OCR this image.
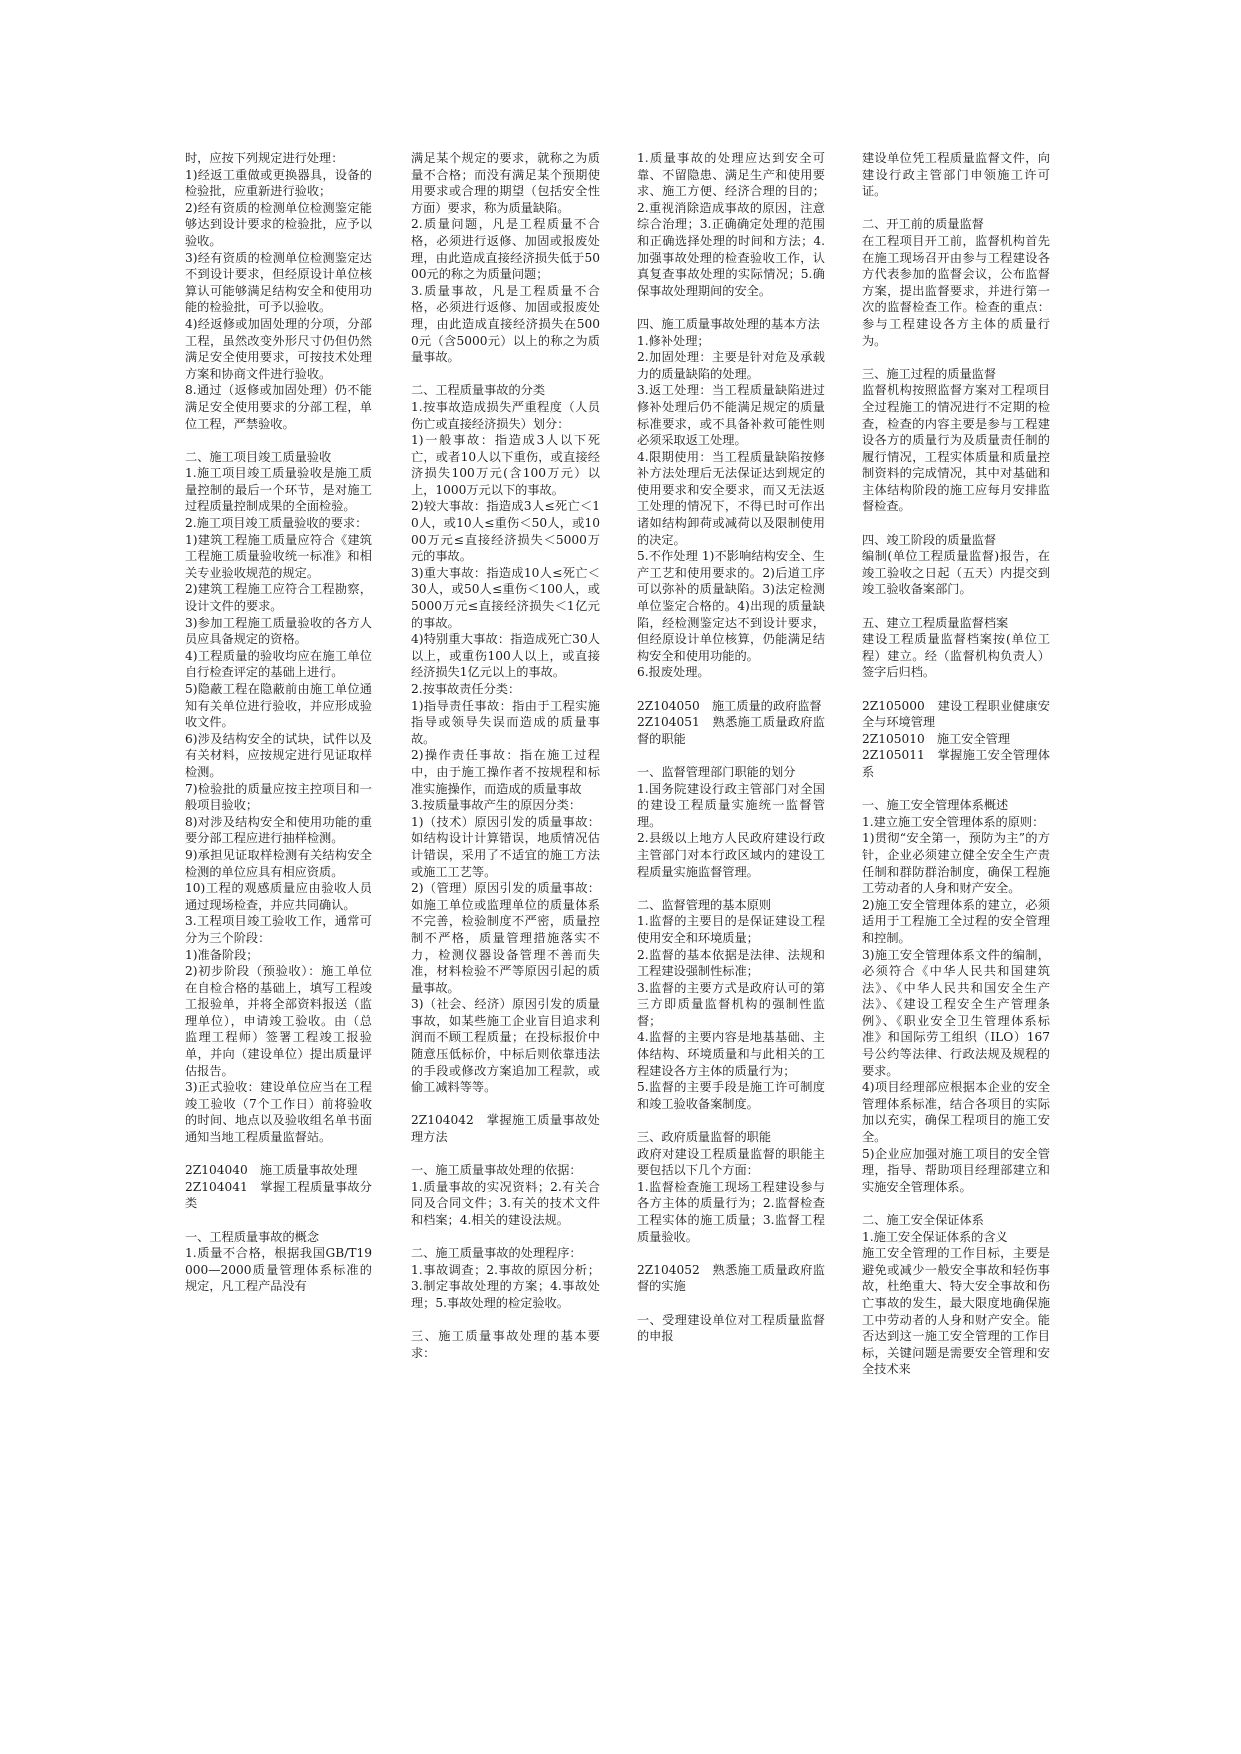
时，应按下列规定进行处理：

1)经返工重做或更换器具，设备的检验批，应重新进行验收；

2)经有资质的检测单位检测鉴定能够达到设计要求的检验批，应予以验收。

3)经有资质的检测单位检测鉴定达不到设计要求，但经原设计单位核算认可能够满足结构安全和使用功能的检验批，可予以验收。

4)经返修或加固处理的分项，分部工程，虽然改变外形尺寸仍但仍然满足安全使用要求，可按技术处理方案和协商文件进行验收。

8.通过（返修或加固处理）仍不能满足安全使用要求的分部工程，单位工程，严禁验收。

二、施工项目竣工质量验收

1.施工项目竣工质量验收是施工质量控制的最后一个环节，是对施工过程质量控制成果的全面检验。

2.施工项目竣工质量验收的要求：

1)建筑工程施工质量应符合《建筑工程施工质量验收统一标准》和相关专业验收规范的规定。

2)建筑工程施工应符合工程勘察，设计文件的要求。

3)参加工程施工质量验收的各方人员应具备规定的资格。

4)工程质量的验收均应在施工单位自行检查评定的基础上进行。

5)隐蔽工程在隐蔽前由施工单位通知有关单位进行验收，并应形成验收文件。

6)涉及结构安全的试块，试件以及有关材料，应按规定进行见证取样检测。

7)检验批的质量应按主控项目和一般项目验收；

8)对涉及结构安全和使用功能的重要分部工程应进行抽样检测。

9)承担见证取样检测有关结构安全检测的单位应具有相应资质。

10)工程的观感质量应由验收人员通过现场检查，并应共同确认。

3.工程项目竣工验收工作，通常可分为三个阶段：

1)准备阶段；

2)初步阶段（预验收）：施工单位在自检合格的基础上，填写工程竣工报验单，并将全部资料报送（监理单位），申请竣工验收。由（总监理工程师）签署工程竣工报验单，并向（建设单位）提出质量评估报告。

3)正式验收：建设单位应当在工程竣工验收（7个工作日）前将验收的时间、地点以及验收组名单书面通知当地工程质量监督站。

2Z104040　施工质量事故处理

2Z104041　掌握工程质量事故分类

一、工程质量事故的概念

1.质量不合格，根据我国GB/T19000—2000质量管理体系标准的规定，凡工程产品没有

满足某个规定的要求，就称之为质量不合格；而没有满足某个预期使用要求或合理的期望（包括安全性方面）要求，称为质量缺陷。

2.质量问题，凡是工程质量不合格，必须进行返修、加固或报废处理，由此造成直接经济损失低于5000元的称之为质量问题；

3.质量事故，凡是工程质量不合格，必须进行返修、加固或报废处理，由此造成直接经济损失在5000元（含5000元）以上的称之为质量事故。

二、工程质量事故的分类

1.按事故造成损失严重程度（人员伤亡或直接经济损失）划分：

1)一般事故：指造成3人以下死亡，或者10人以下重伤，或直接经济损失100万元(含100万元）以上，1000万元以下的事故。

2)较大事故：指造成3人≤死亡＜10人，或10人≤重伤＜50人，或1000万元≤直接经济损失＜5000万元的事故。

3)重大事故：指造成10人≤死亡＜30人，或50人≤重伤＜100人，或5000万元≤直接经济损失＜1亿元的事故。

4)特别重大事故：指造成死亡30人以上，或重伤100人以上，或直接经济损失1亿元以上的事故。

2.按事故责任分类：

1)指导责任事故：指由于工程实施指导或领导失误而造成的质量事故。

2)操作责任事故：指在施工过程中，由于施工操作者不按规程和标准实施操作，而造成的质量事故

3.按质量事故产生的原因分类：

1)（技术）原因引发的质量事故：如结构设计计算错误，地质情况估计错误，采用了不适宜的施工方法或施工工艺等。

2)（管理）原因引发的质量事故：如施工单位或监理单位的质量体系不完善，检验制度不严密，质量控制不严格，质量管理措施落实不力，检测仪器设备管理不善而失准，材料检验不严等原因引起的质量事故。

3)（社会、经济）原因引发的质量事故，如某些施工企业盲目追求利润而不顾工程质量；在投标报价中随意压低标价，中标后则依靠违法的手段或修改方案追加工程款，或偷工减料等等。

2Z104042　掌握施工质量事故处理方法

一、施工质量事故处理的依据：

1.质量事故的实况资料；2.有关合同及合同文件；3.有关的技术文件和档案；4.相关的建设法规。

二、施工质量事故的处理程序：

1.事故调查；2.事故的原因分析；3.制定事故处理的方案；4.事故处理；5.事故处理的检定验收。

三、施工质量事故处理的基本要求：

1.质量事故的处理应达到安全可靠、不留隐患、满足生产和使用要求、施工方便、经济合理的目的；2.重视消除造成事故的原因，注意综合治理；3.正确确定处理的范围和正确选择处理的时间和方法；4.加强事故处理的检查验收工作，认真复查事故处理的实际情况；5.确保事故处理期间的安全。

四、施工质量事故处理的基本方法

1.修补处理；

2.加固处理：主要是针对危及承载力的质量缺陷的处理。

3.返工处理：当工程质量缺陷进过修补处理后仍不能满足规定的质量标准要求，或不具备补救可能性则必须采取返工处理。

4.限期使用：当工程质量缺陷按修补方法处理后无法保证达到规定的使用要求和安全要求，而又无法返工处理的情况下，不得已时可作出诸如结构卸荷或减荷以及限制使用的决定。

5.不作处理 1)不影响结构安全、生产工艺和使用要求的。2)后道工序可以弥补的质量缺陷。3)法定检测单位鉴定合格的。4)出现的质量缺陷，经检测鉴定达不到设计要求，但经原设计单位核算，仍能满足结构安全和使用功能的。

6.报废处理。

2Z104050　施工质量的政府监督

2Z104051　熟悉施工质量政府监督的职能

一、监督管理部门职能的划分

1.国务院建设行政主管部门对全国的建设工程质量实施统一监督管理。

2.县级以上地方人民政府建设行政主管部门对本行政区域内的建设工程质量实施监督管理。

二、监督管理的基本原则

1.监督的主要目的是保证建设工程使用安全和环境质量；

2.监督的基本依据是法律、法规和工程建设强制性标准；

3.监督的主要方式是政府认可的第三方即质量监督机构的强制性监督；

4.监督的主要内容是地基基础、主体结构、环境质量和与此相关的工程建设各方主体的质量行为；

5.监督的主要手段是施工许可制度和竣工验收备案制度。

三、政府质量监督的职能

政府对建设工程质量监督的职能主要包括以下几个方面：

1.监督检查施工现场工程建设参与各方主体的质量行为；2.监督检查工程实体的施工质量；3.监督工程质量验收。

2Z104052　熟悉施工质量政府监督的实施

一、受理建设单位对工程质量监督的申报

建设单位凭工程质量监督文件，向建设行政主管部门申领施工许可证。

二、开工前的质量监督

在工程项目开工前，监督机构首先在施工现场召开由参与工程建设各方代表参加的监督会议，公布监督方案，提出监督要求，并进行第一次的监督检查工作。检查的重点：参与工程建设各方主体的质量行为。

三、施工过程的质量监督

监督机构按照监督方案对工程项目全过程施工的情况进行不定期的检查，检查的内容主要是参与工程建设各方的质量行为及质量责任制的履行情况，工程实体质量和质量控制资料的完成情况，其中对基础和主体结构阶段的施工应每月安排监督检查。

四、竣工阶段的质量监督

编制(单位工程质量监督)报告，在竣工验收之日起（五天）内提交到竣工验收备案部门。

五、建立工程质量监督档案

建设工程质量监督档案按(单位工程）建立。经（监督机构负责人）签字后归档。

2Z105000　建设工程职业健康安全与环境管理

2Z105010　施工安全管理

2Z105011　掌握施工安全管理体系

一、施工安全管理体系概述

1.建立施工安全管理体系的原则：

1)贯彻“安全第一，预防为主”的方针，企业必须建立健全安全生产责任制和群防群治制度，确保工程施工劳动者的人身和财产安全。

2)施工安全管理体系的建立，必须适用于工程施工全过程的安全管理和控制。

3)施工安全管理体系文件的编制，必须符合《中华人民共和国建筑法》、《中华人民共和国安全生产法》、《建设工程安全生产管理条例》、《职业安全卫生管理体系标准》和国际劳工组织（ILO）167号公约等法律、行政法规及规程的要求。

4)项目经理部应根据本企业的安全管理体系标准，结合各项目的实际加以充实，确保工程项目的施工安全。

5)企业应加强对施工项目的安全管理，指导、帮助项目经理部建立和实施安全管理体系。

二、施工安全保证体系

1.施工安全保证体系的含义

施工安全管理的工作目标，主要是避免或减少一般安全事故和轻伤事故，杜绝重大、特大安全事故和伤亡事故的发生，最大限度地确保施工中劳动者的人身和财产安全。能否达到这一施工安全管理的工作目标，关键问题是需要安全管理和安全技术来
